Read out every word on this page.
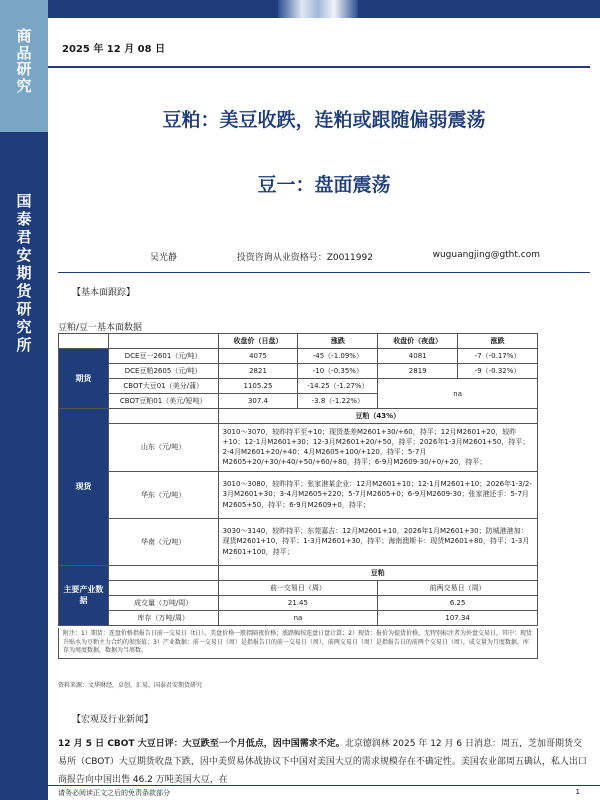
商
品
研
究
国
泰
君
安
期
货
研
究
所
2025 年 12 月 08 日
豆粕：美豆收跌，连粕或跟随偏弱震荡
豆一：盘面震荡
吴光静	投资咨询从业资格号：Z0011992	wuguangjing@gtht.com
【基本面跟踪】
豆粕/豆一基本面数据
		收盘价（日盘）	涨跌	收盘价（夜盘）	涨跌
期货	DCE豆一2601（元/吨）	4075	-45（-1.09%）	4081	-7（-0.17%）
	DCE豆粕2605（元/吨）	2821	-10（-0.35%）	2819	-9（-0.32%）
	CBOT大豆01（美分/蒲）	1105.25	-14.25（-1.27%）	na	
	CBOT豆粕01（美元/短吨）	307.4	-3.8（-1.22%）		
现货		豆粕（43%）			
	山东（元/吨）	3010～3070，较昨持平至+10；现货基差M2601+30/+60，持平；12月M2601+20，较昨+10；12-1月M2601+30；12-3月M2601+20/+50，持平；2026年1-3月M2601+50，持平；2-4月M2601+20/+40；4月M2605+100/+120，持平；5-7月M2605+20/+30/+40/+50/+60/+80，持平；6-9月M2609-30/+0/+20，持平；			
	华东（元/吨）	3010～3080，较昨持平；张家港某企业：12月M2601+10；12-1月M2601+10；2026年1-3/2-3月M2601+30；3-4月M2605+220；5-7月M2605+0；6-9月M2609-30；张家港还手：5-7月M2605+50，持平；6-9月M2609+0，持平；			
	华南（元/吨）	3030～3140，较昨持平；东莞嘉吉：12月M2601+10，2026年1月M2601+30；防城港港加：现货M2601+10，持平；1-3月M2601+30，持平；海南澳斯卡：现货M2601+80，持平；1-3月M2601+100，持平；			
主要产业数据		豆粕			
		前一交易日（周）		前两交易日（周）	
	成交量（万吨/周）	21.45		6.25	
	库存（万吨/周）	na		107.34	
附注：1）期货：连盘价格指报告日前一交易日（t日），美盘价格一般指隔夜价格；涨跌幅按连盘日盘计算；2）现货：报价为提货价格，无特别标注者为外盘交易日，其中：现货升贴水为豆粕主力合约的参照值；3）产业数据：前一交易日（周）是指报告日的前一交易日（周），前两交易日（周）是指报告日的前两个交易日（周），成交量为月度数据，库存为周度数据，数据为当周数。
资料来源：文华财经，卓创，汇易，国泰君安期货研究
【宏观及行业新闻】
12 月 5 日 CBOT 大豆日评：大豆跌至一个月低点，因中国需求不定。北京德润林 2025 年 12 月 6 日消息：周五，芝加哥期货交易所（CBOT）大豆期货收盘下跌，因中美贸易休战协议下中国对美国大豆的需求规模存在不确定性。美国农业部周五确认，私人出口商报告向中国出售 46.2 万吨美国大豆，在
请务必阅读正文之后的免责条款部分	1
